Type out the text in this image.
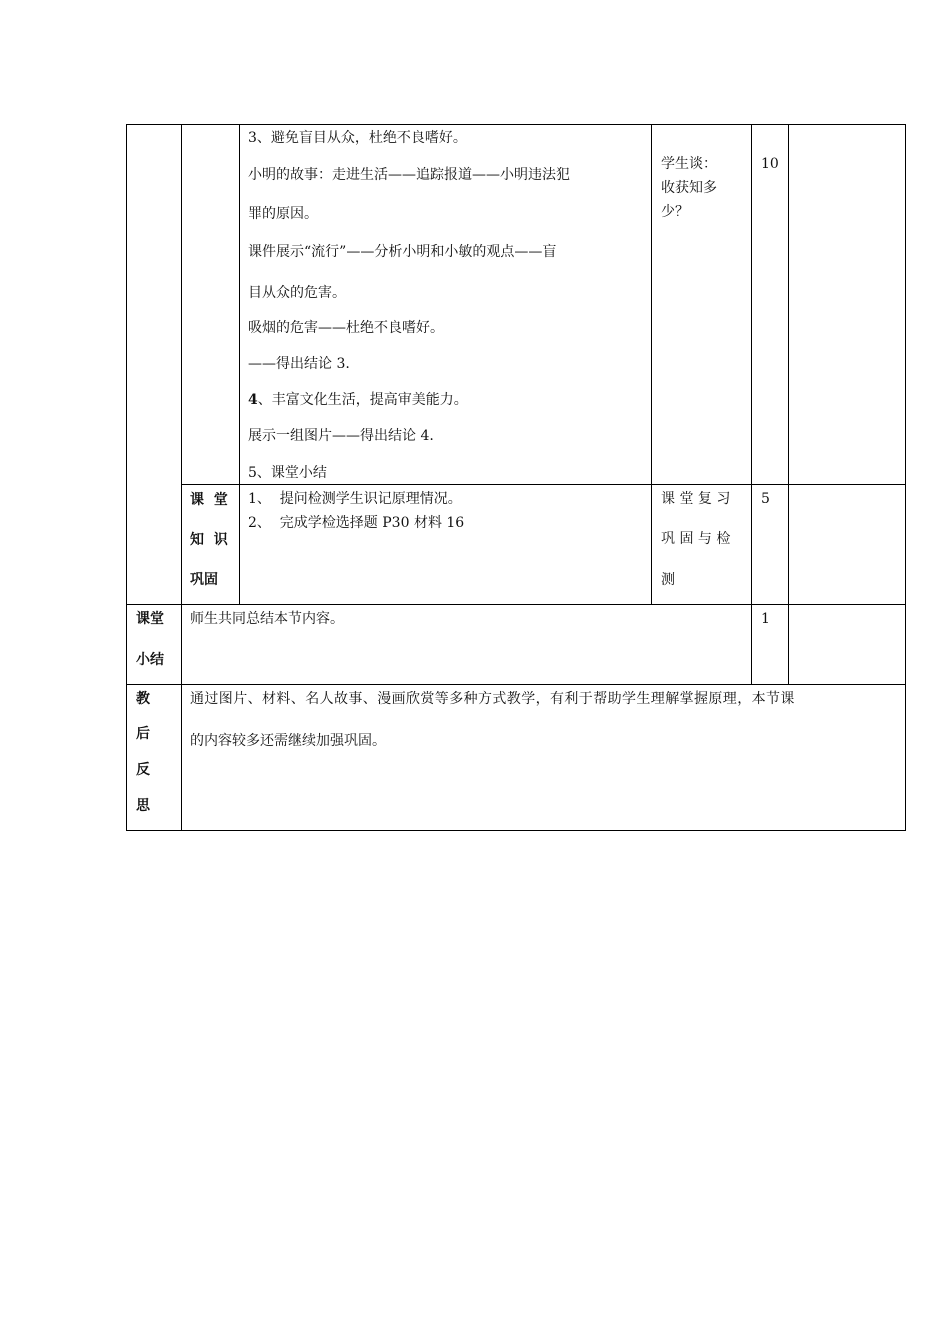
3、避免盲目从众，杜绝不良嗜好。
小明的故事：走进生活——追踪报道——小明违法犯
罪的原因。
课件展示“流行”——分析小明和小敏的观点——盲
目从众的危害。
吸烟的危害——杜绝不良嗜好。
——得出结论 3.
4、丰富文化生活，提高审美能力。
展示一组图片——得出结论 4.
5、课堂小结
学生谈：
收获知多
少？
10
课  堂
知  识
巩固
1、  提问检测学生识记原理情况。
2、  完成学检选择题 P30 材料 16
课 堂 复 习
巩 固 与 检
测
5
课堂
小结
师生共同总结本节内容。	1
教
后
反
思
通过图片、材料、名人故事、漫画欣赏等多种方式教学，有利于帮助学生理解掌握原理，本节课
的内容较多还需继续加强巩固。
